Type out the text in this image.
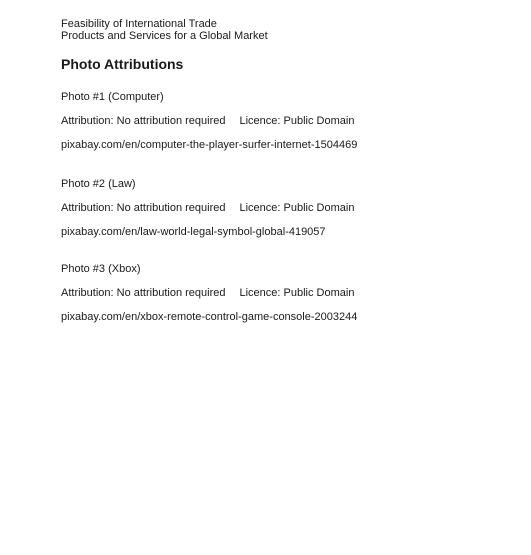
Feasibility of International Trade

Products and Services for a Global Market

Photo Attributions

Photo #1 (Computer)

Attribution: No attribution required Licence: Public Domain

pixabay.com/en/computer-the-player-surfer-internet-1504469

Photo #2 (Law)

Attribution: No attribution required Licence: Public Domain

pixabay.com/en/law-world-legal-symbol-global-419057

Photo #3 (Xbox)

Attribution: No attribution required Licence: Public Domain

pixabay.com/en/xbox-remote-control-game-console-2003244
